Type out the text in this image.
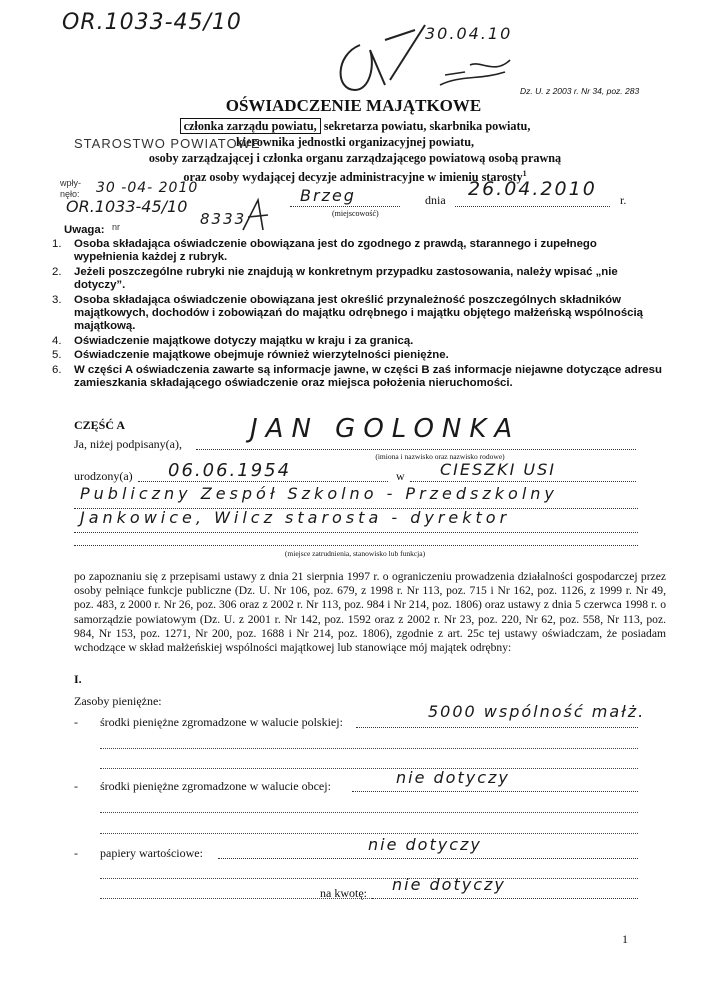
OR.1033-45/10	30.04.10
Dz. U. z 2003 r. Nr 34, poz. 283
OŚWIADCZENIE MAJĄTKOWE
członka zarządu powiatu, sekretarza powiatu, skarbnika powiatu,
kierownika jednostki organizacyjnej powiatu,
osoby zarządzającej i członka organu zarządzającego powiatową osobą prawną
oraz osoby wydającej decyzje administracyjne w imieniu starosty$^1$
STAROSTWO POWIATOWE
wpły-nęło:	30 -04- 2010
OR.1033-45/10
nr	8333
Brzeg
(miejscowość)
dnia 26.04.2010 r.
Uwaga:
1.	Osoba składająca oświadczenie obowiązana jest do zgodnego z prawdą, starannego i zupełnego wypełnienia każdej z rubryk.
2.	Jeżeli poszczególne rubryki nie znajdują w konkretnym przypadku zastosowania, należy wpisać „nie dotyczy”.
3.	Osoba składająca oświadczenie obowiązana jest określić przynależność poszczególnych składników majątkowych, dochodów i zobowiązań do majątku odrębnego i majątku objętego małżeńską wspólnością majątkową.
4.	Oświadczenie majątkowe dotyczy majątku w kraju i za granicą.
5.	Oświadczenie majątkowe obejmuje również wierzytelności pieniężne.
6.	W części A oświadczenia zawarte są informacje jawne, w części B zaś informacje niejawne dotyczące adresu zamieszkania składającego oświadczenie oraz miejsca położenia nieruchomości.
CZĘŚĆ A
Ja, niżej podpisany(a),	JAN GOLONKA
(imiona i nazwisko oraz nazwisko rodowe)
urodzony(a) 06.06.1954	w CIESZKI USI
Publiczny Zespół Szkolno - Przedszkolny
Jankowice, Wilcz starosta - dyrektor
(miejsce zatrudnienia, stanowisko lub funkcja)
po zapoznaniu się z przepisami ustawy z dnia 21 sierpnia 1997 r. o ograniczeniu prowadzenia działalności gospodarczej przez osoby pełniące funkcje publiczne (Dz. U. Nr 106, poz. 679, z 1998 r. Nr 113, poz. 715 i Nr 162, poz. 1126, z 1999 r. Nr 49, poz. 483, z 2000 r. Nr 26, poz. 306 oraz z 2002 r. Nr 113, poz. 984 i Nr 214, poz. 1806) oraz ustawy z dnia 5 czerwca 1998 r. o samorządzie powiatowym (Dz. U. z 2001 r. Nr 142, poz. 1592 oraz z 2002 r. Nr 23, poz. 220, Nr 62, poz. 558, Nr 113, poz. 984, Nr 153, poz. 1271, Nr 200, poz. 1688 i Nr 214, poz. 1806), zgodnie z art. 25c tej ustawy oświadczam, że posiadam wchodzące w skład małżeńskiej wspólności majątkowej lub stanowiące mój majątek odrębny:
I.
Zasoby pieniężne:
- środki pieniężne zgromadzone w walucie polskiej:
5000 wspólność małż.
- środki pieniężne zgromadzone w walucie obcej:	nie dotyczy
- papiery wartościowe:	nie dotyczy
na kwotę: nie dotyczy
1
